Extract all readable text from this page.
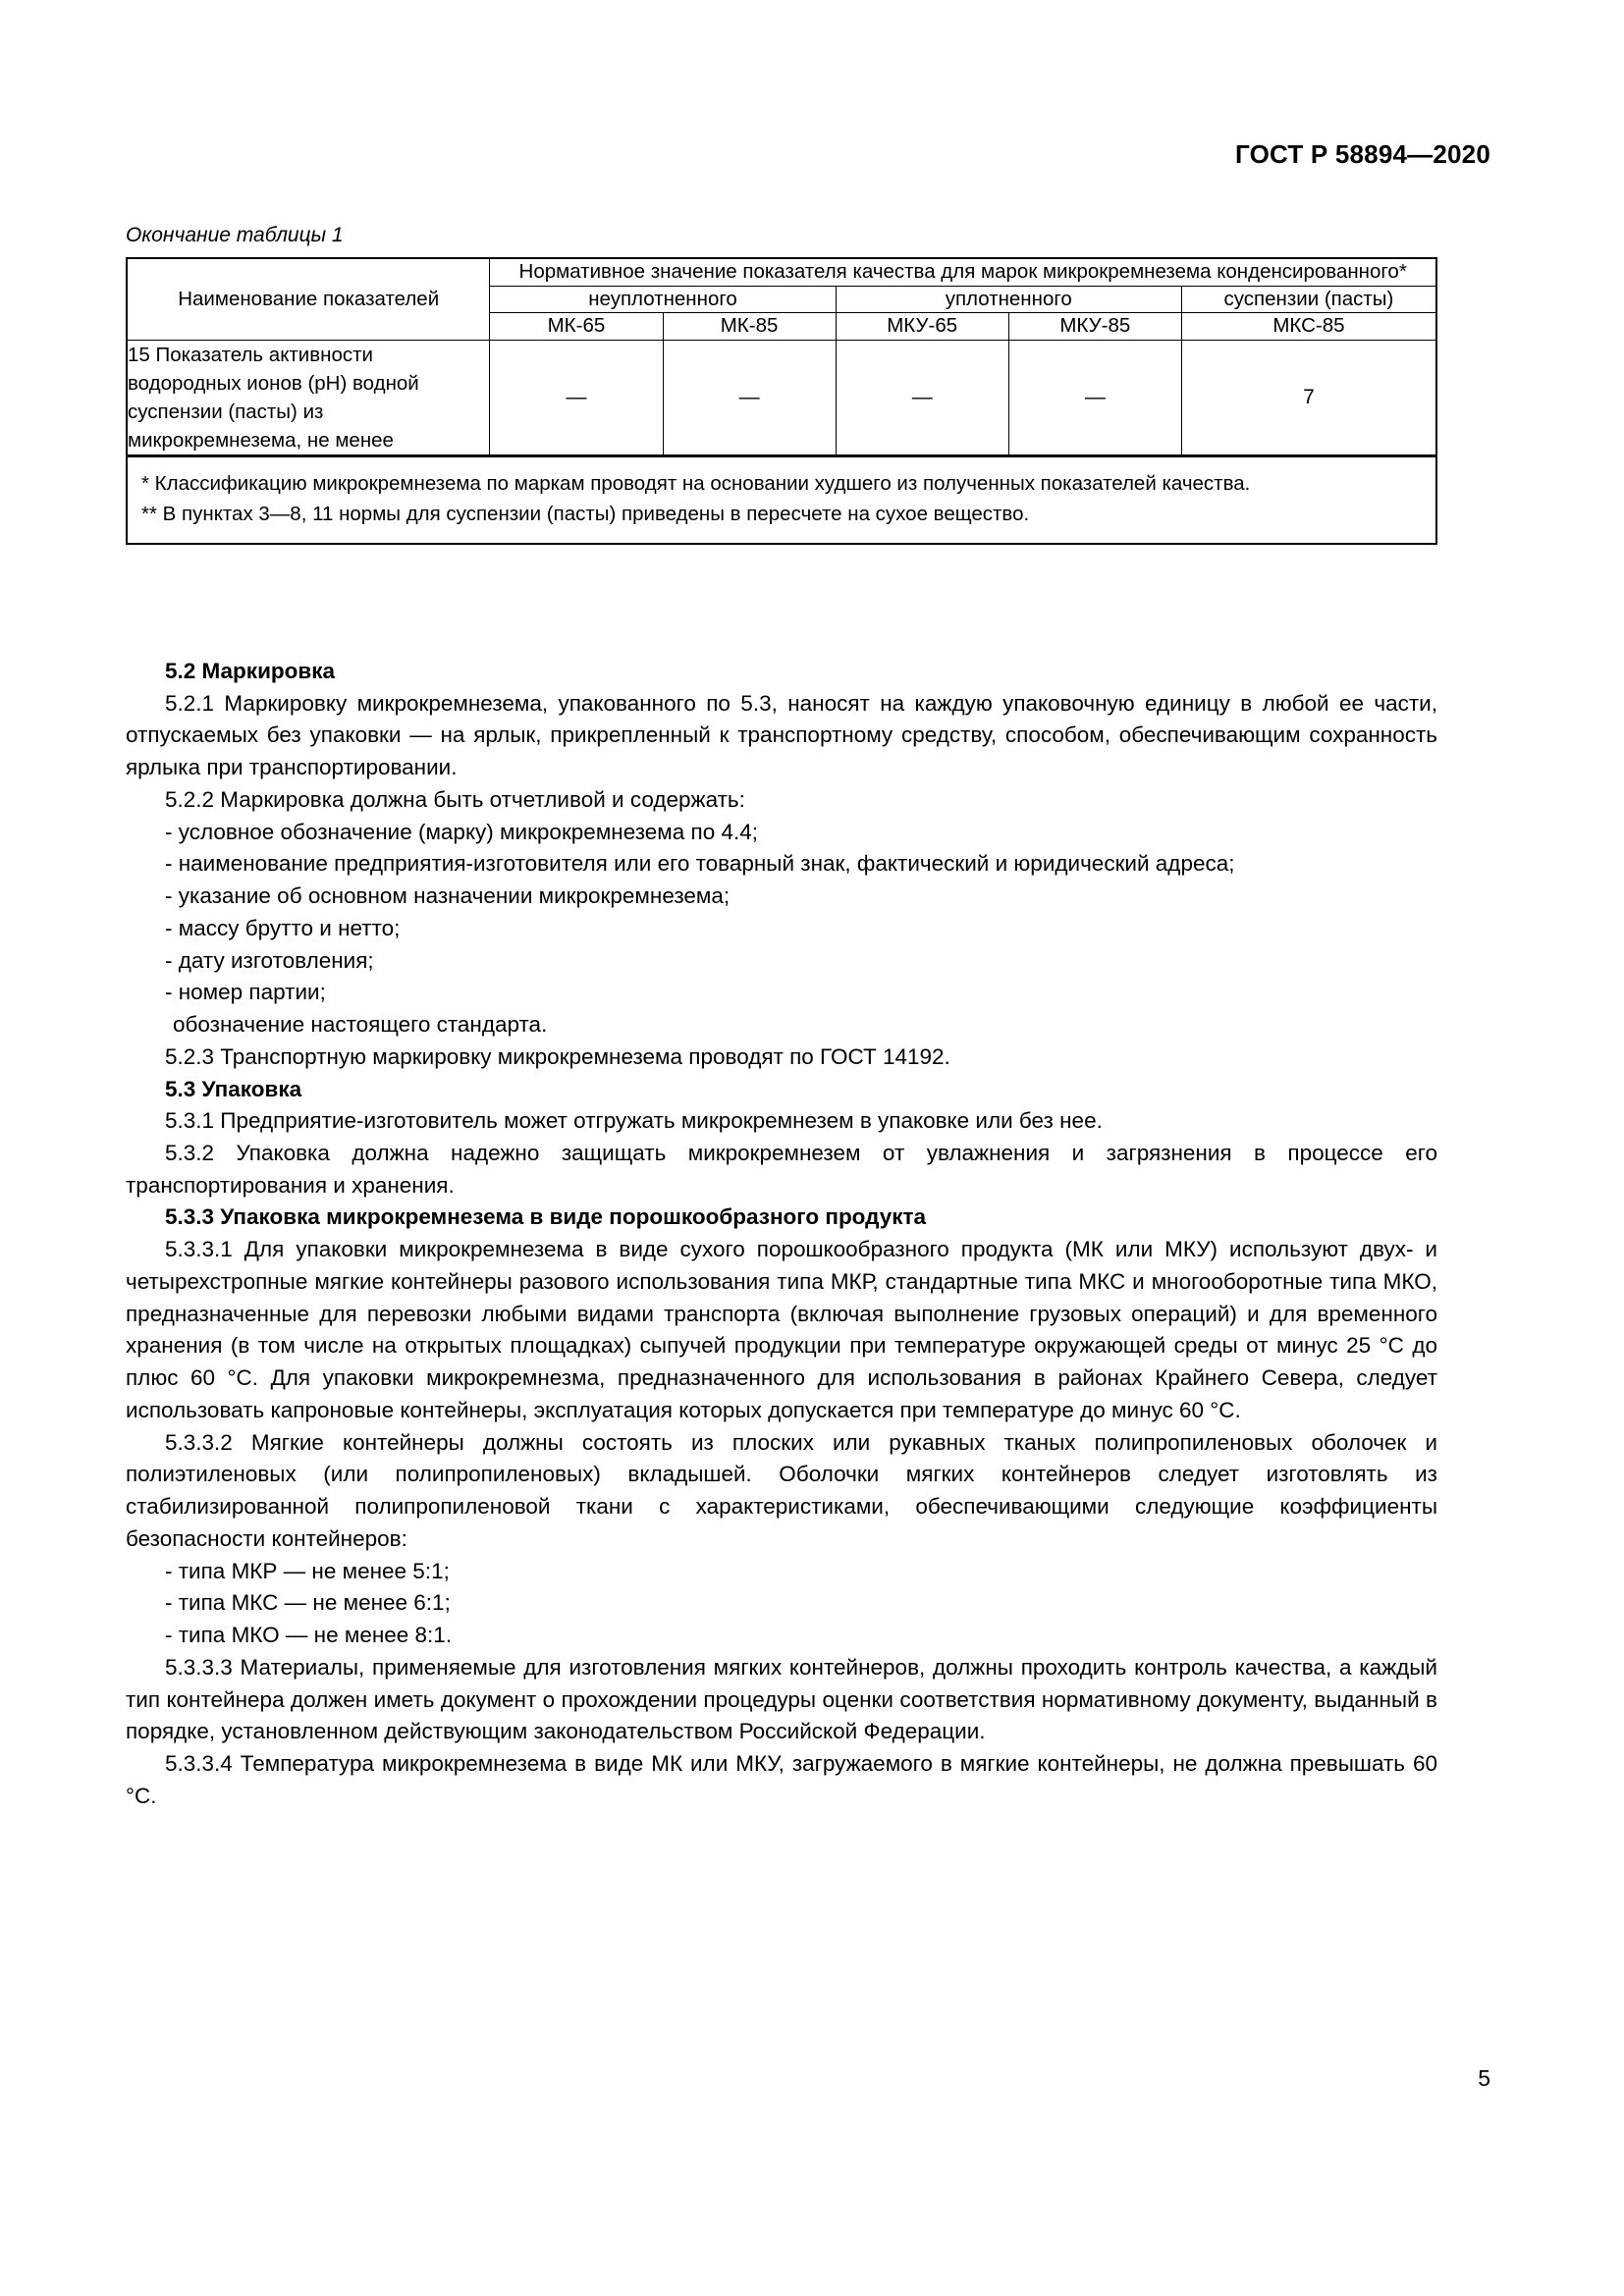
ГОСТ Р 58894—2020
Окончание таблицы 1
Наименование показателей	Нормативное значение показателя качества для марок микрокремнезема конденсированного*				
	неуплотненного		уплотненного		суспензии (пасты)
	МК-65	МК-85	МКУ-65	МКУ-85	МКС-85
15 Показатель активности водородных ионов (pH) водной суспензии (пасты) из микрокремнезема, не менее	—	—	—	—	7
* Классификацию микрокремнезема по маркам проводят на основании худшего из полученных показателей качества.
** В пунктах 3—8, 11 нормы для суспензии (пасты) приведены в пересчете на сухое вещество.

5.2 Маркировка

5.2.1 Маркировку микрокремнезема, упакованного по 5.3, наносят на каждую упаковочную единицу в любой ее части, отпускаемых без упаковки — на ярлык, прикрепленный к транспортному средству, способом, обеспечивающим сохранность ярлыка при транспортировании.

5.2.2 Маркировка должна быть отчетливой и содержать:

- условное обозначение (марку) микрокремнезема по 4.4;

- наименование предприятия-изготовителя или его товарный знак, фактический и юридический адреса;

- указание об основном назначении микрокремнезема;

- массу брутто и нетто;

- дату изготовления;

- номер партии;

обозначение настоящего стандарта.

5.2.3 Транспортную маркировку микрокремнезема проводят по ГОСТ 14192.

5.3 Упаковка

5.3.1 Предприятие-изготовитель может отгружать микрокремнезем в упаковке или без нее.

5.3.2 Упаковка должна надежно защищать микрокремнезем от увлажнения и загрязнения в процессе его транспортирования и хранения.

5.3.3 Упаковка микрокремнезема в виде порошкообразного продукта

5.3.3.1 Для упаковки микрокремнезема в виде сухого порошкообразного продукта (МК или МКУ) используют двух- и четырехстропные мягкие контейнеры разового использования типа МКР, стандартные типа МКС и многооборотные типа МКО, предназначенные для перевозки любыми видами транспорта (включая выполнение грузовых операций) и для временного хранения (в том числе на открытых площадках) сыпучей продукции при температуре окружающей среды от минус 25 °С до плюс 60 °С. Для упаковки микрокремнезма, предназначенного для использования в районах Крайнего Севера, следует использовать капроновые контейнеры, эксплуатация которых допускается при температуре до минус 60 °С.

5.3.3.2 Мягкие контейнеры должны состоять из плоских или рукавных тканых полипропиленовых оболочек и полиэтиленовых (или полипропиленовых) вкладышей. Оболочки мягких контейнеров следует изготовлять из стабилизированной полипропиленовой ткани с характеристиками, обеспечивающими следующие коэффициенты безопасности контейнеров:

- типа МКР — не менее 5:1;

- типа МКС — не менее 6:1;

- типа МКО — не менее 8:1.

5.3.3.3 Материалы, применяемые для изготовления мягких контейнеров, должны проходить контроль качества, а каждый тип контейнера должен иметь документ о прохождении процедуры оценки соответствия нормативному документу, выданный в порядке, установленном действующим законодательством Российской Федерации.

5.3.3.4 Температура микрокремнезема в виде МК или МКУ, загружаемого в мягкие контейнеры, не должна превышать 60 °С.

5
